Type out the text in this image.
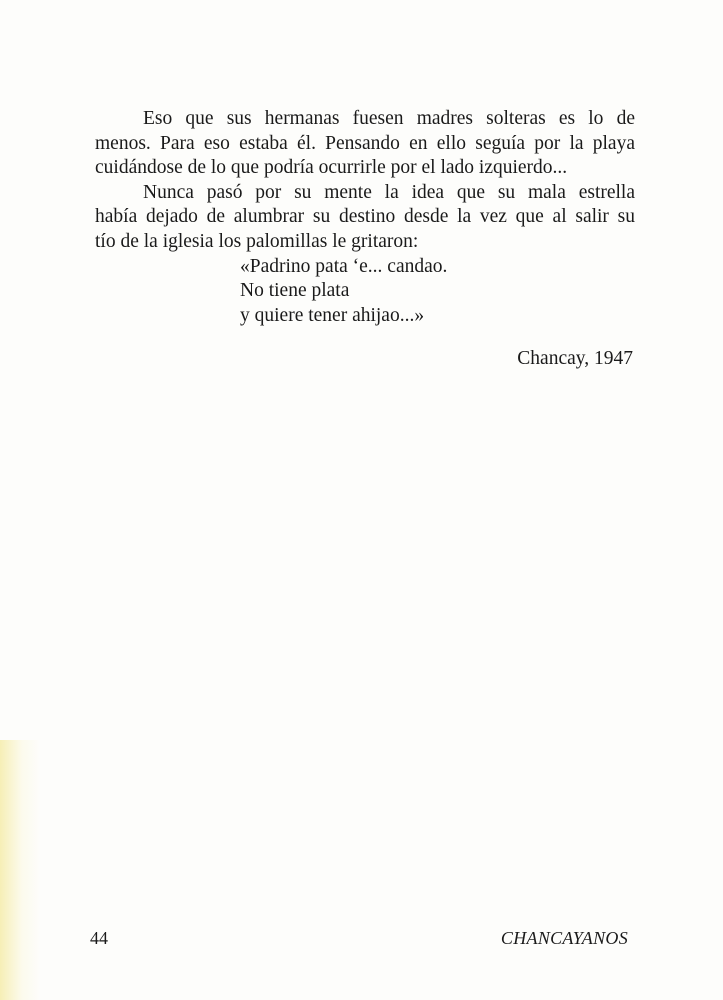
Eso que sus hermanas fuesen madres solteras es lo de
menos. Para eso estaba él. Pensando en ello seguía por la playa
cuidándose de lo que podría ocurrirle por el lado izquierdo...
Nunca pasó por su mente la idea que su mala estrella
había dejado de alumbrar su destino desde la vez que al salir su
tío de la iglesia los palomillas le gritaron:
«Padrino pata ‘e... candao.
No tiene plata
y quiere tener ahijao...»
Chancay, 1947
44	CHANCAYANOS
